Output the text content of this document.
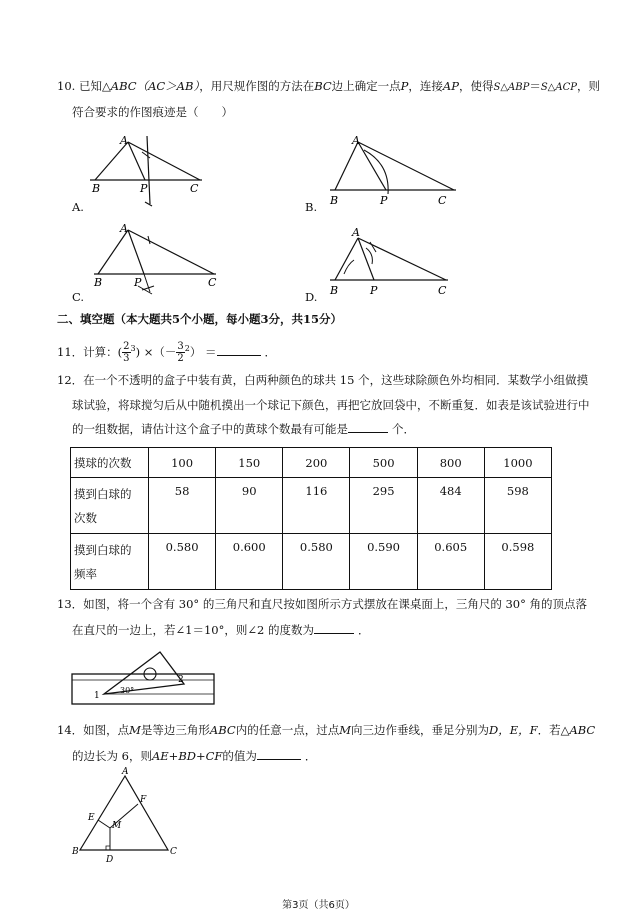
10. 已知△ABC（AC＞AB），用尺规作图的方法在BC边上确定一点P，连接AP，使得S△ABP＝S△ACP，则
符合要求的作图痕迹是（　　）
A
B	P	C
A.
A
B	P	C
B.
A
B	P	C
C.
A
B	P	C
D.
二、填空题（本大题共5个小题，每小题3分，共15分）
11．计算：( $\frac{2}{3} ^3$) ×（－ $\frac{3}{2} ^2$） ＝	．
12．在一个不透明的盒子中装有黄，白两种颜色的球共 15 个，这些球除颜色外均相同．某数学小组做摸
球试验，将球搅匀后从中随机摸出一个球记下颜色，再把它放回袋中，不断重复．如表是该试验进行中
的一组数据，请估计这个盒子中的黄球个数最有可能是	个．
摸球的次数	100	150	200	500	800	1000
摸到白球的
次数	58	90	116	295	484	598
摸到白球的
频率	0.580	0.600	0.580	0.590	0.605	0.598
13．如图，将一个含有 30° 的三角尺和直尺按如图所示方式摆放在课桌面上，三角尺的 30° 角的顶点落
在直尺的一边上，若∠1＝10°，则∠2 的度数为	．
30°
2
1
14．如图，点M是等边三角形ABC内的任意一点，过点M向三边作垂线，垂足分别为D，E，F．若△ABC
的边长为 6，则AE+BD+CF的值为	．
A
B	C
D
E
F
M
第3页（共6页）
